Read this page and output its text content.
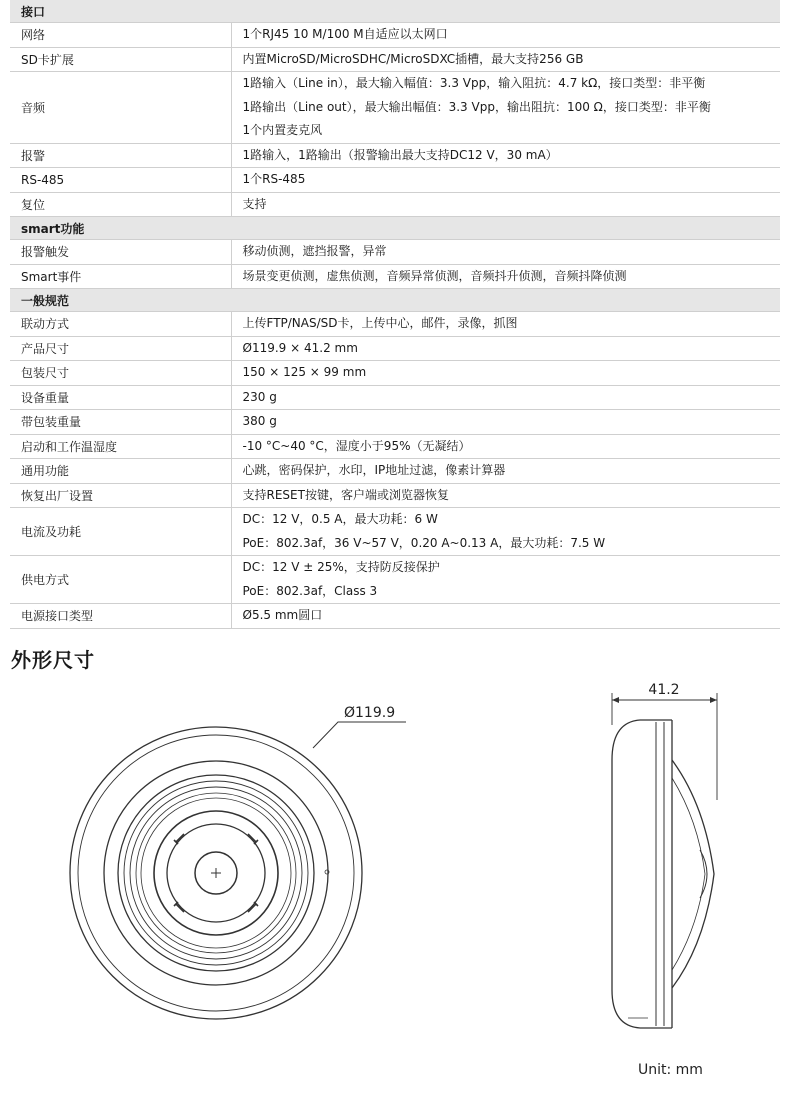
接口	
网络	1个RJ45 10 M/100 M自适应以太网口

SD卡扩展	内置MicroSD/MicroSDHC/MicroSDXC插槽，最大支持256 GB

音频	1路输入（Line in），最大输入幅值：3.3 Vpp，输入阻抗：4.7 kΩ，接口类型：非平衡
1路输出（Line out），最大输出幅值：3.3 Vpp，输出阻抗：100 Ω，接口类型：非平衡
1个内置麦克风

报警	1路输入，1路输出（报警输出最大支持DC12 V，30 mA）

RS-485	1个RS-485

复位	支持

smart功能	
报警触发	移动侦测，遮挡报警，异常

Smart事件	场景变更侦测，虚焦侦测，音频异常侦测，音频抖升侦测，音频抖降侦测

一般规范	
联动方式	上传FTP/NAS/SD卡，上传中心，邮件，录像，抓图

产品尺寸	Ø119.9 × 41.2 mm

包装尺寸	150 × 125 × 99 mm

设备重量	230 g

带包装重量	380 g

启动和工作温湿度	-10 °C~40 °C，湿度小于95%（无凝结）

通用功能	心跳，密码保护，水印，IP地址过滤，像素计算器

恢复出厂设置	支持RESET按键，客户端或浏览器恢复

电流及功耗	DC：12 V，0.5 A，最大功耗：6 W
PoE：802.3af，36 V~57 V，0.20 A~0.13 A，最大功耗：7.5 W

供电方式	DC：12 V ± 25%，支持防反接保护
PoE：802.3af，Class 3

电源接口类型	Ø5.5 mm圆口
外形尺寸
Ø119.9
41.2
Unit: mm
